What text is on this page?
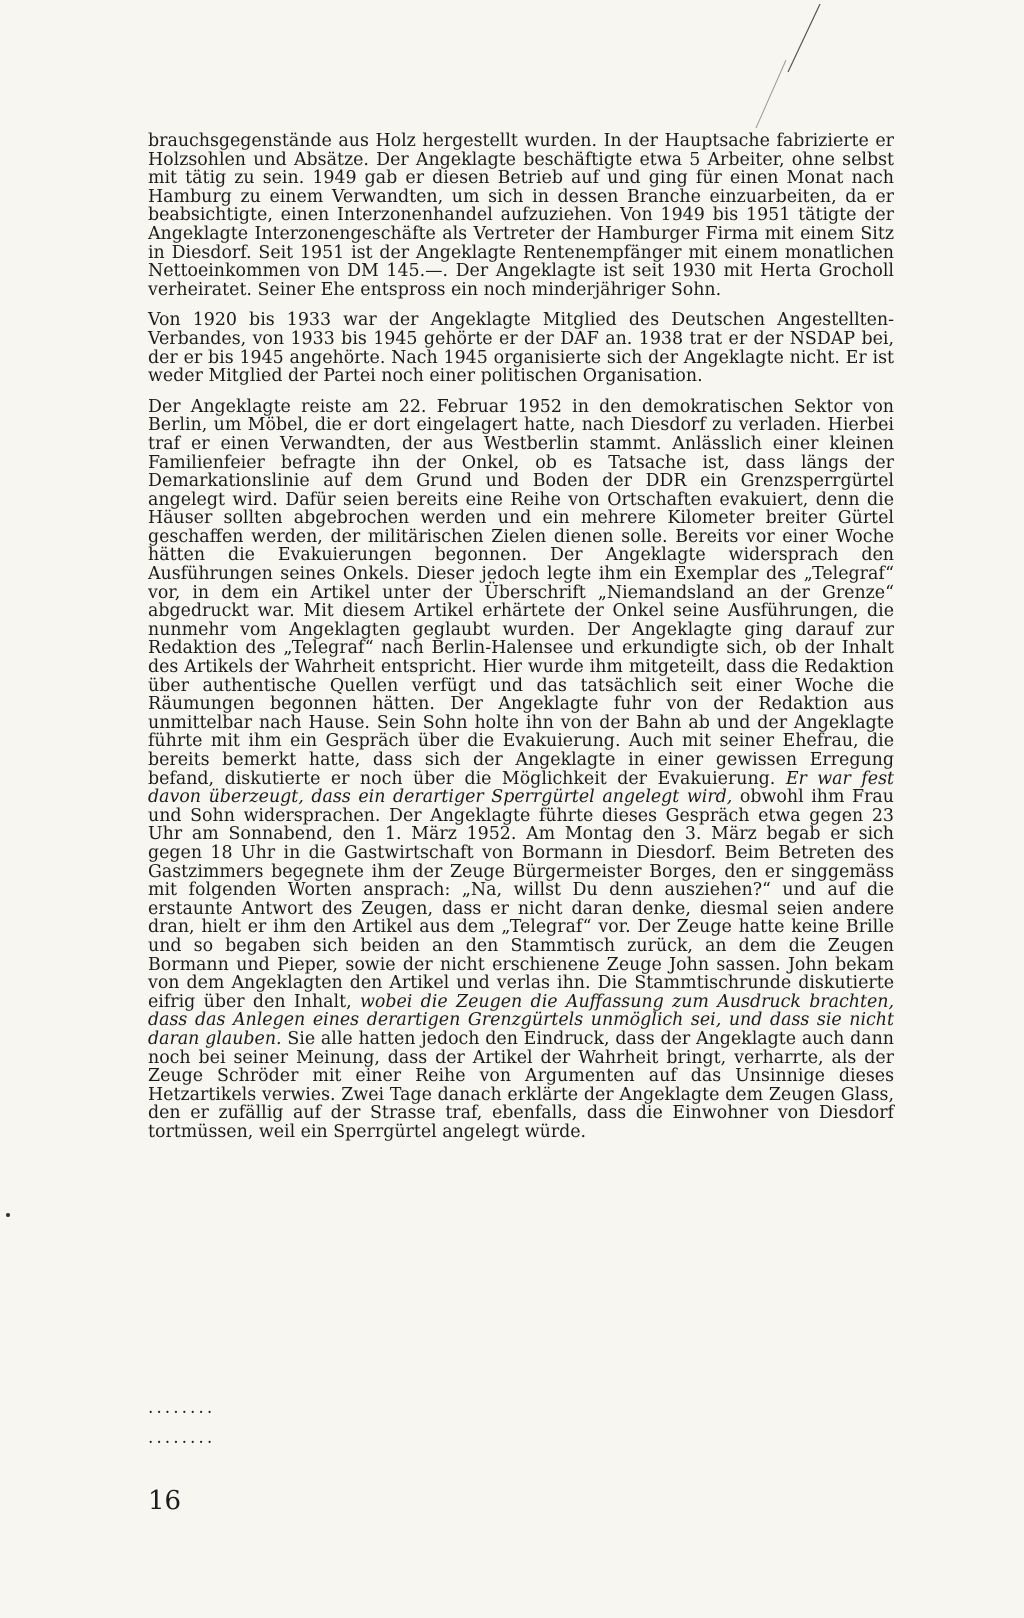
brauchsgegenstände aus Holz hergestellt wurden. In der Hauptsache fabrizierte er Holzsohlen und Absätze. Der Angeklagte beschäftigte etwa 5 Arbeiter, ohne selbst mit tätig zu sein. 1949 gab er diesen Betrieb auf und ging für einen Monat nach Hamburg zu einem Verwandten, um sich in dessen Branche einzuarbeiten, da er beabsichtigte, einen Interzonenhandel aufzuziehen. Von 1949 bis 1951 tätigte der Angeklagte Interzonengeschäfte als Vertreter der Hamburger Firma mit einem Sitz in Diesdorf. Seit 1951 ist der Angeklagte Rentenempfänger mit einem monatlichen Nettoeinkommen von DM 145.—. Der Angeklagte ist seit 1930 mit Herta Grocholl verheiratet. Seiner Ehe entspross ein noch minderjähriger Sohn.

Von 1920 bis 1933 war der Angeklagte Mitglied des Deutschen Angestellten-Verbandes, von 1933 bis 1945 gehörte er der DAF an. 1938 trat er der NSDAP bei, der er bis 1945 angehörte. Nach 1945 organisierte sich der Angeklagte nicht. Er ist weder Mitglied der Partei noch einer politischen Organisation.

Der Angeklagte reiste am 22. Februar 1952 in den demokratischen Sektor von Berlin, um Möbel, die er dort eingelagert hatte, nach Diesdorf zu verladen. Hierbei traf er einen Verwandten, der aus Westberlin stammt. Anlässlich einer kleinen Familienfeier befragte ihn der Onkel, ob es Tatsache ist, dass längs der Demarkationslinie auf dem Grund und Boden der DDR ein Grenzsperrgürtel angelegt wird. Dafür seien bereits eine Reihe von Ortschaften evakuiert, denn die Häuser sollten abgebrochen werden und ein mehrere Kilometer breiter Gürtel geschaffen werden, der militärischen Zielen dienen solle. Bereits vor einer Woche hätten die Evakuierungen begonnen. Der Angeklagte widersprach den Ausführungen seines Onkels. Dieser jedoch legte ihm ein Exemplar des „Telegraf“ vor, in dem ein Artikel unter der Überschrift „Niemandsland an der Grenze“ abgedruckt war. Mit diesem Artikel erhärtete der Onkel seine Ausführungen, die nunmehr vom Angeklagten geglaubt wurden. Der Angeklagte ging darauf zur Redaktion des „Telegraf“ nach Berlin-Halensee und erkundigte sich, ob der Inhalt des Artikels der Wahrheit entspricht. Hier wurde ihm mitgeteilt, dass die Redaktion über authentische Quellen verfügt und das tatsächlich seit einer Woche die Räumungen begonnen hätten. Der Angeklagte fuhr von der Redaktion aus unmittelbar nach Hause. Sein Sohn holte ihn von der Bahn ab und der Angeklagte führte mit ihm ein Gespräch über die Evakuierung. Auch mit seiner Ehefrau, die bereits bemerkt hatte, dass sich der Angeklagte in einer gewissen Erregung befand, diskutierte er noch über die Möglichkeit der Evakuierung. Er war fest davon überzeugt, dass ein derartiger Sperrgürtel angelegt wird, obwohl ihm Frau und Sohn widersprachen. Der Angeklagte führte dieses Gespräch etwa gegen 23 Uhr am Sonnabend, den 1. März 1952. Am Montag den 3. März begab er sich gegen 18 Uhr in die Gastwirtschaft von Bormann in Diesdorf. Beim Betreten des Gastzimmers begegnete ihm der Zeuge Bürgermeister Borges, den er singgemäss mit folgenden Worten ansprach: „Na, willst Du denn ausziehen?“ und auf die erstaunte Antwort des Zeugen, dass er nicht daran denke, diesmal seien andere dran, hielt er ihm den Artikel aus dem „Telegraf“ vor. Der Zeuge hatte keine Brille und so begaben sich beiden an den Stammtisch zurück, an dem die Zeugen Bormann und Pieper, sowie der nicht erschienene Zeuge John sassen. John bekam von dem Angeklagten den Artikel und verlas ihn. Die Stammtischrunde diskutierte eifrig über den Inhalt, wobei die Zeugen die Auffassung zum Ausdruck brachten, dass das Anlegen eines derartigen Grenzgürtels unmöglich sei, und dass sie nicht daran glauben. Sie alle hatten jedoch den Eindruck, dass der Angeklagte auch dann noch bei seiner Meinung, dass der Artikel der Wahrheit bringt, verharrte, als der Zeuge Schröder mit einer Reihe von Argumenten auf das Unsinnige dieses Hetzartikels verwies. Zwei Tage danach erklärte der Angeklagte dem Zeugen Glass, den er zufällig auf der Strasse traf, ebenfalls, dass die Einwohner von Diesdorf tortmüssen, weil ein Sperrgürtel angelegt würde.

........
........
16
